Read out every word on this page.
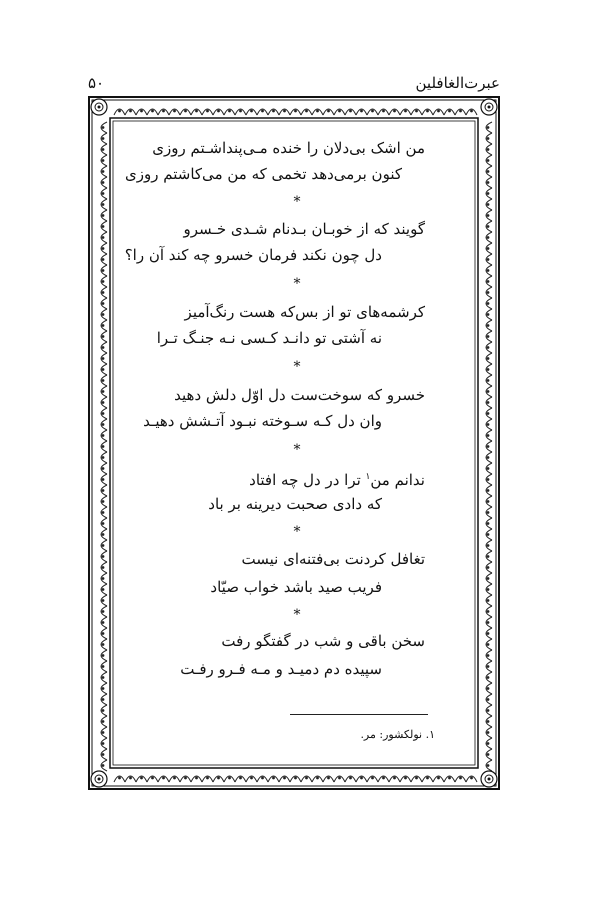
عبرت‌الغافلین
۵۰
من اشک بی‌دلان را خنده مـی‌پنداشـتم روزی
کنون برمی‌دهد تخمی که من می‌کاشتم روزی
*
گویند که از خوبـان بـدنام شـدی خـسرو
دل چون نکند فرمان خسرو چه کند آن را؟
*
کرشمه‌های تو از بس‌که هست رنگ‌آمیز
نه آشتی تو دانـد کـسی نـه جنـگ تـرا
*
خسرو که سوخت‌ست دل اوّل دلش دهید
وان دل کـه سـوخته نبـود آتـشش دهیـد
*
ندانم من$^۱$ ترا در دل چه افتاد
که دادی صحبت دیرینه بر باد
*
تغافل کردنت بی‌فتنه‌ای نیست
فریب صید باشد خواب صیّاد
*
سخن باقی و شب در گفتگو رفت
سپیده دم دمیـد و مـه فـرو رفـت
۱. نولکشور: مر.
